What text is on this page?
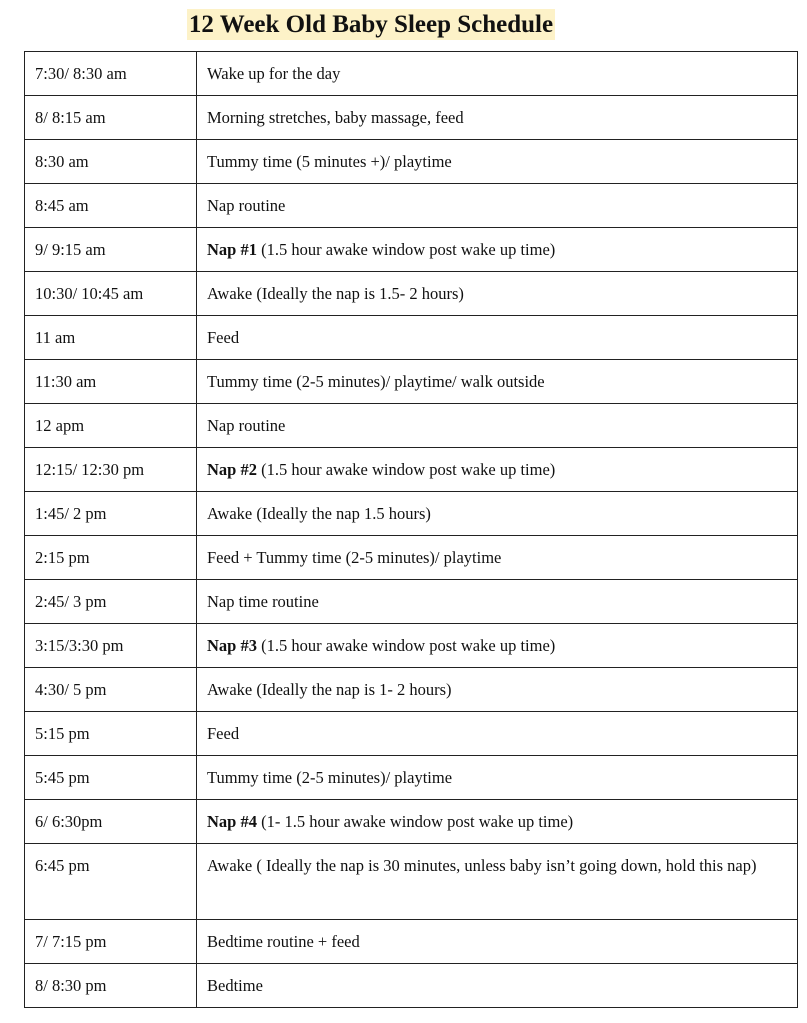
12 Week Old Baby Sleep Schedule
7:30/ 8:30 am	Wake up for the day
8/ 8:15 am	Morning stretches, baby massage, feed
8:30 am	Tummy time (5 minutes +)/ playtime
8:45 am	Nap routine
9/ 9:15 am	Nap #1 (1.5 hour awake window post wake up time)
10:30/ 10:45 am	Awake (Ideally the nap is 1.5- 2 hours)
11 am	Feed
11:30 am	Tummy time (2-5 minutes)/ playtime/ walk outside
12 apm	Nap routine
12:15/ 12:30 pm	Nap #2 (1.5 hour awake window post wake up time)
1:45/ 2 pm	Awake (Ideally the nap 1.5 hours)
2:15 pm	Feed + Tummy time (2-5 minutes)/ playtime
2:45/ 3 pm	Nap time routine
3:15/3:30 pm	Nap #3 (1.5 hour awake window post wake up time)
4:30/ 5 pm	Awake (Ideally the nap is 1- 2 hours)
5:15 pm	Feed
5:45 pm	Tummy time (2-5 minutes)/ playtime
6/ 6:30pm	Nap #4 (1- 1.5 hour awake window post wake up time)
6:45 pm	Awake ( Ideally the nap is 30 minutes, unless baby isn’t going down, hold this nap)
7/ 7:15 pm	Bedtime routine + feed
8/ 8:30 pm	Bedtime
